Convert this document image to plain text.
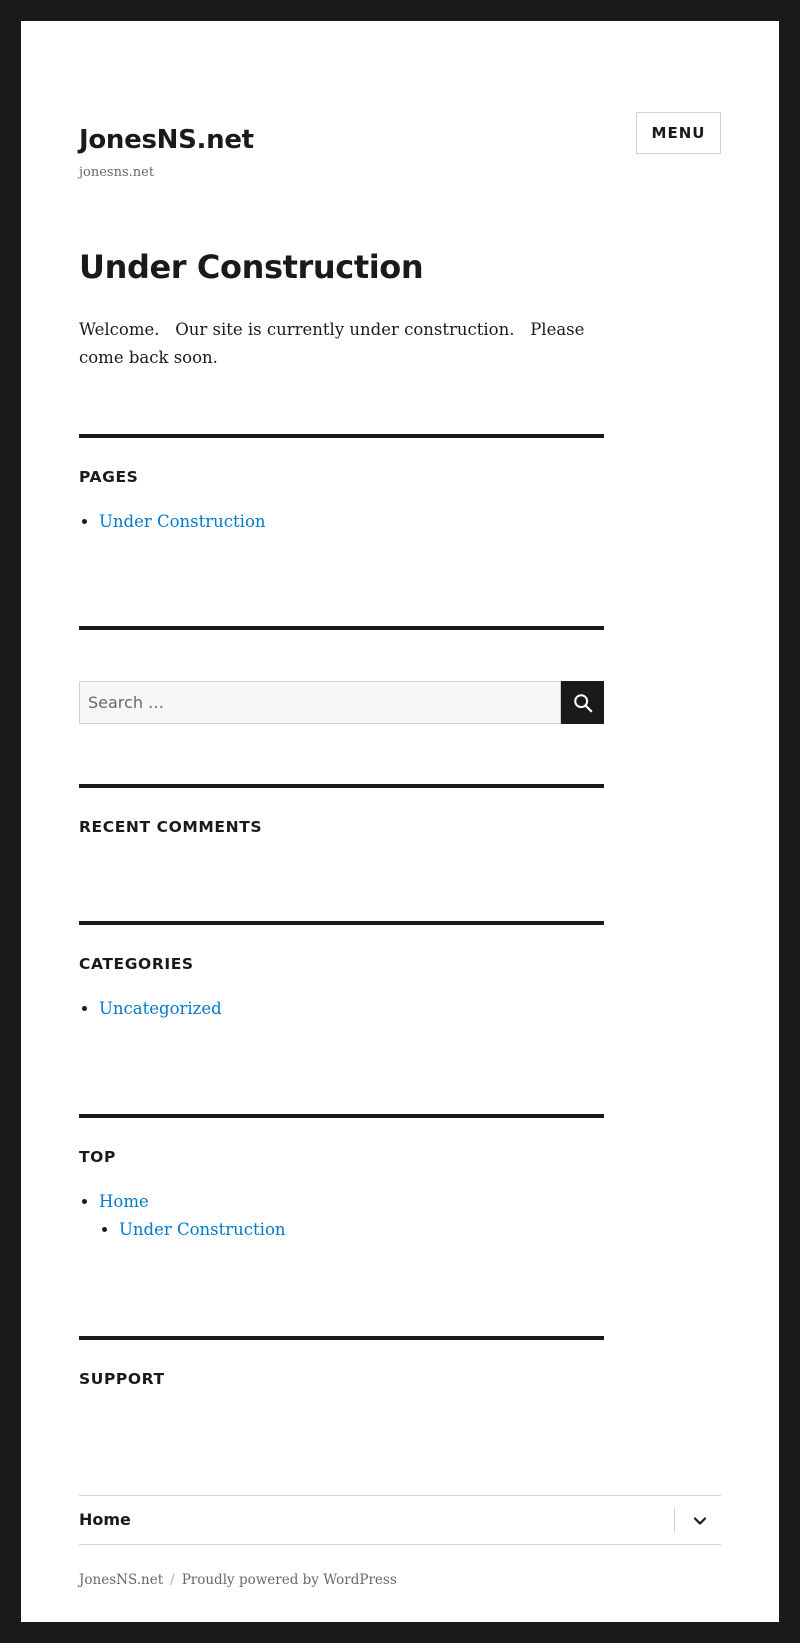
JonesNS.net
jonesns.net
MENU
Under Construction
Welcome.   Our site is currently under construction.   Please come back soon.
PAGES
• Under Construction
Search …
RECENT COMMENTS
CATEGORIES
• Uncategorized
TOP
• Home
• Under Construction
SUPPORT
Home
JonesNS.net / Proudly powered by WordPress
